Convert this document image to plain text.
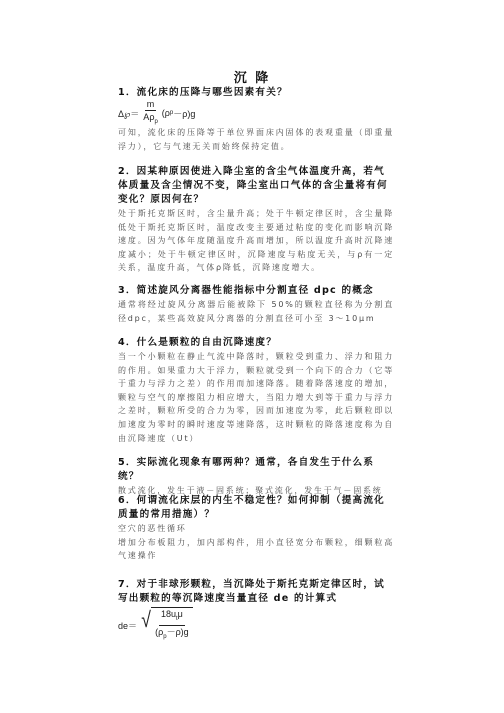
沉 降

1．流化床的压降与哪些因素有关？

Δ℘＝ $\frac{m}{A\rho_p}$ ( ρ p －ρ)g

可知，流化床的压降等于单位界面床内固体的表观重量（即重量浮力），它与气速无关而始终保持定值。

2．因某种原因使进入降尘室的含尘气体温度升高，若气体质量及含尘情况不变，降尘室出口气体的含尘量将有何变化？原因何在？

处于斯托克斯区时，含尘量升高；处于牛顿定律区时，含尘量降低处于斯托克斯区时，温度改变主要通过粘度的变化而影响沉降速度。因为气体年度随温度升高而增加，所以温度升高时沉降速度减小；处于牛顿定律区时，沉降速度与粘度无关，与ρ有一定关系，温度升高，气体ρ降低，沉降速度增大。

3．简述旋风分离器性能指标中分割直径 dpc 的概念

通常将经过旋风分离器后能被除下 50%的颗粒直径称为分割直径dpc，某些高效旋风分离器的分割直径可小至 3～10μm

4．什么是颗粒的自由沉降速度？

当一个小颗粒在静止气流中降落时，颗粒受到重力、浮力和阻力的作用。如果重力大于浮力，颗粒就受到一个向下的合力（它等于重力与浮力之差）的作用而加速降落。随着降落速度的增加，颗粒与空气的摩擦阻力相应增大，当阻力增大到等于重力与浮力之差时，颗粒所受的合力为零，因而加速度为零，此后颗粒即以加速度为零时的瞬时速度等速降落，这时颗粒的降落速度称为自由沉降速度（Ut）

5．实际流化现象有哪两种？通常，各自发生于什么系统？

散式流化，发生于液－固系统；聚式流化，发生于气－固系统

6．何谓流化床层的内生不稳定性？如何抑制（提高流化质量的常用措施）？

空穴的恶性循环
增加分布板阻力，加内部构件，用小直径宽分布颗粒，细颗粒高气速操作

7．对于非球形颗粒，当沉降处于斯托克斯定律区时，试写出颗粒的等沉降速度当量直径 de 的计算式

de＝ √ $\frac{18u_t\mu}{(\rho_p-\rho)g}$
